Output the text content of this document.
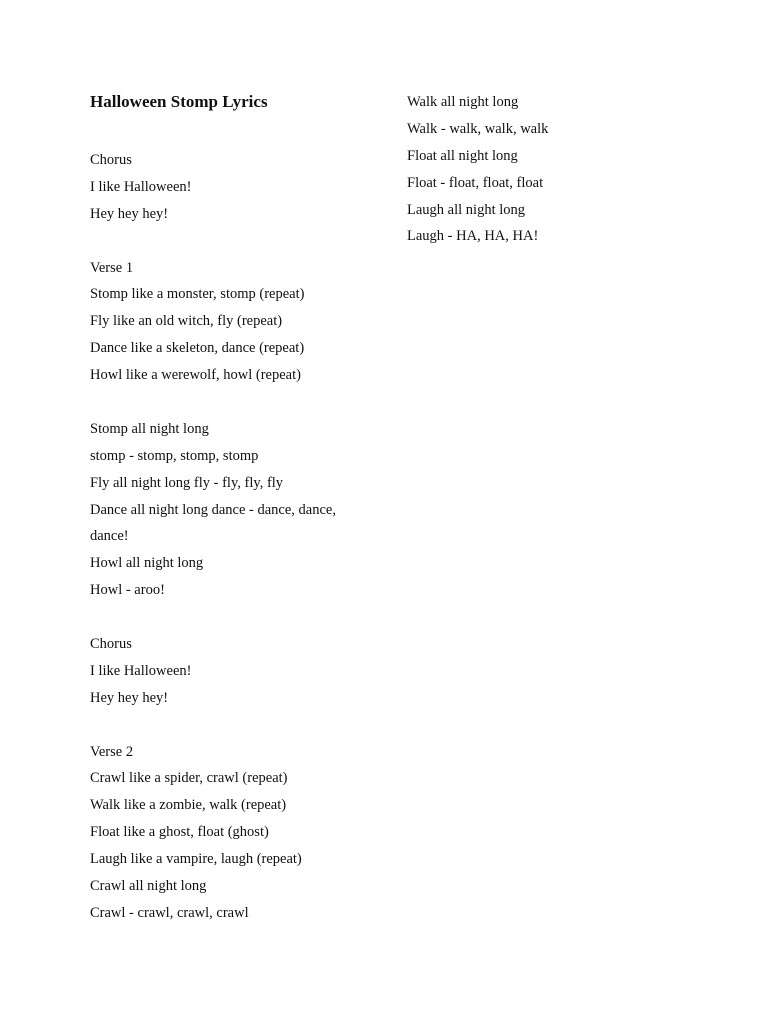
Halloween Stomp Lyrics
Chorus
I like Halloween!
Hey hey hey!
Verse 1
Stomp like a monster, stomp (repeat)
Fly like an old witch, fly (repeat)
Dance like a skeleton, dance (repeat)
Howl like a werewolf, howl (repeat)
Stomp all night long
stomp - stomp, stomp, stomp
Fly all night long fly - fly, fly, fly
Dance all night long dance - dance, dance,
dance!
Howl all night long
Howl - aroo!
Chorus
I like Halloween!
Hey hey hey!
Verse 2
Crawl like a spider, crawl (repeat)
Walk like a zombie, walk (repeat)
Float like a ghost, float (ghost)
Laugh like a vampire, laugh (repeat)
Crawl all night long
Crawl - crawl, crawl, crawl
Walk all night long
Walk - walk, walk, walk
Float all night long
Float - float, float, float
Laugh all night long
Laugh - HA, HA, HA!
